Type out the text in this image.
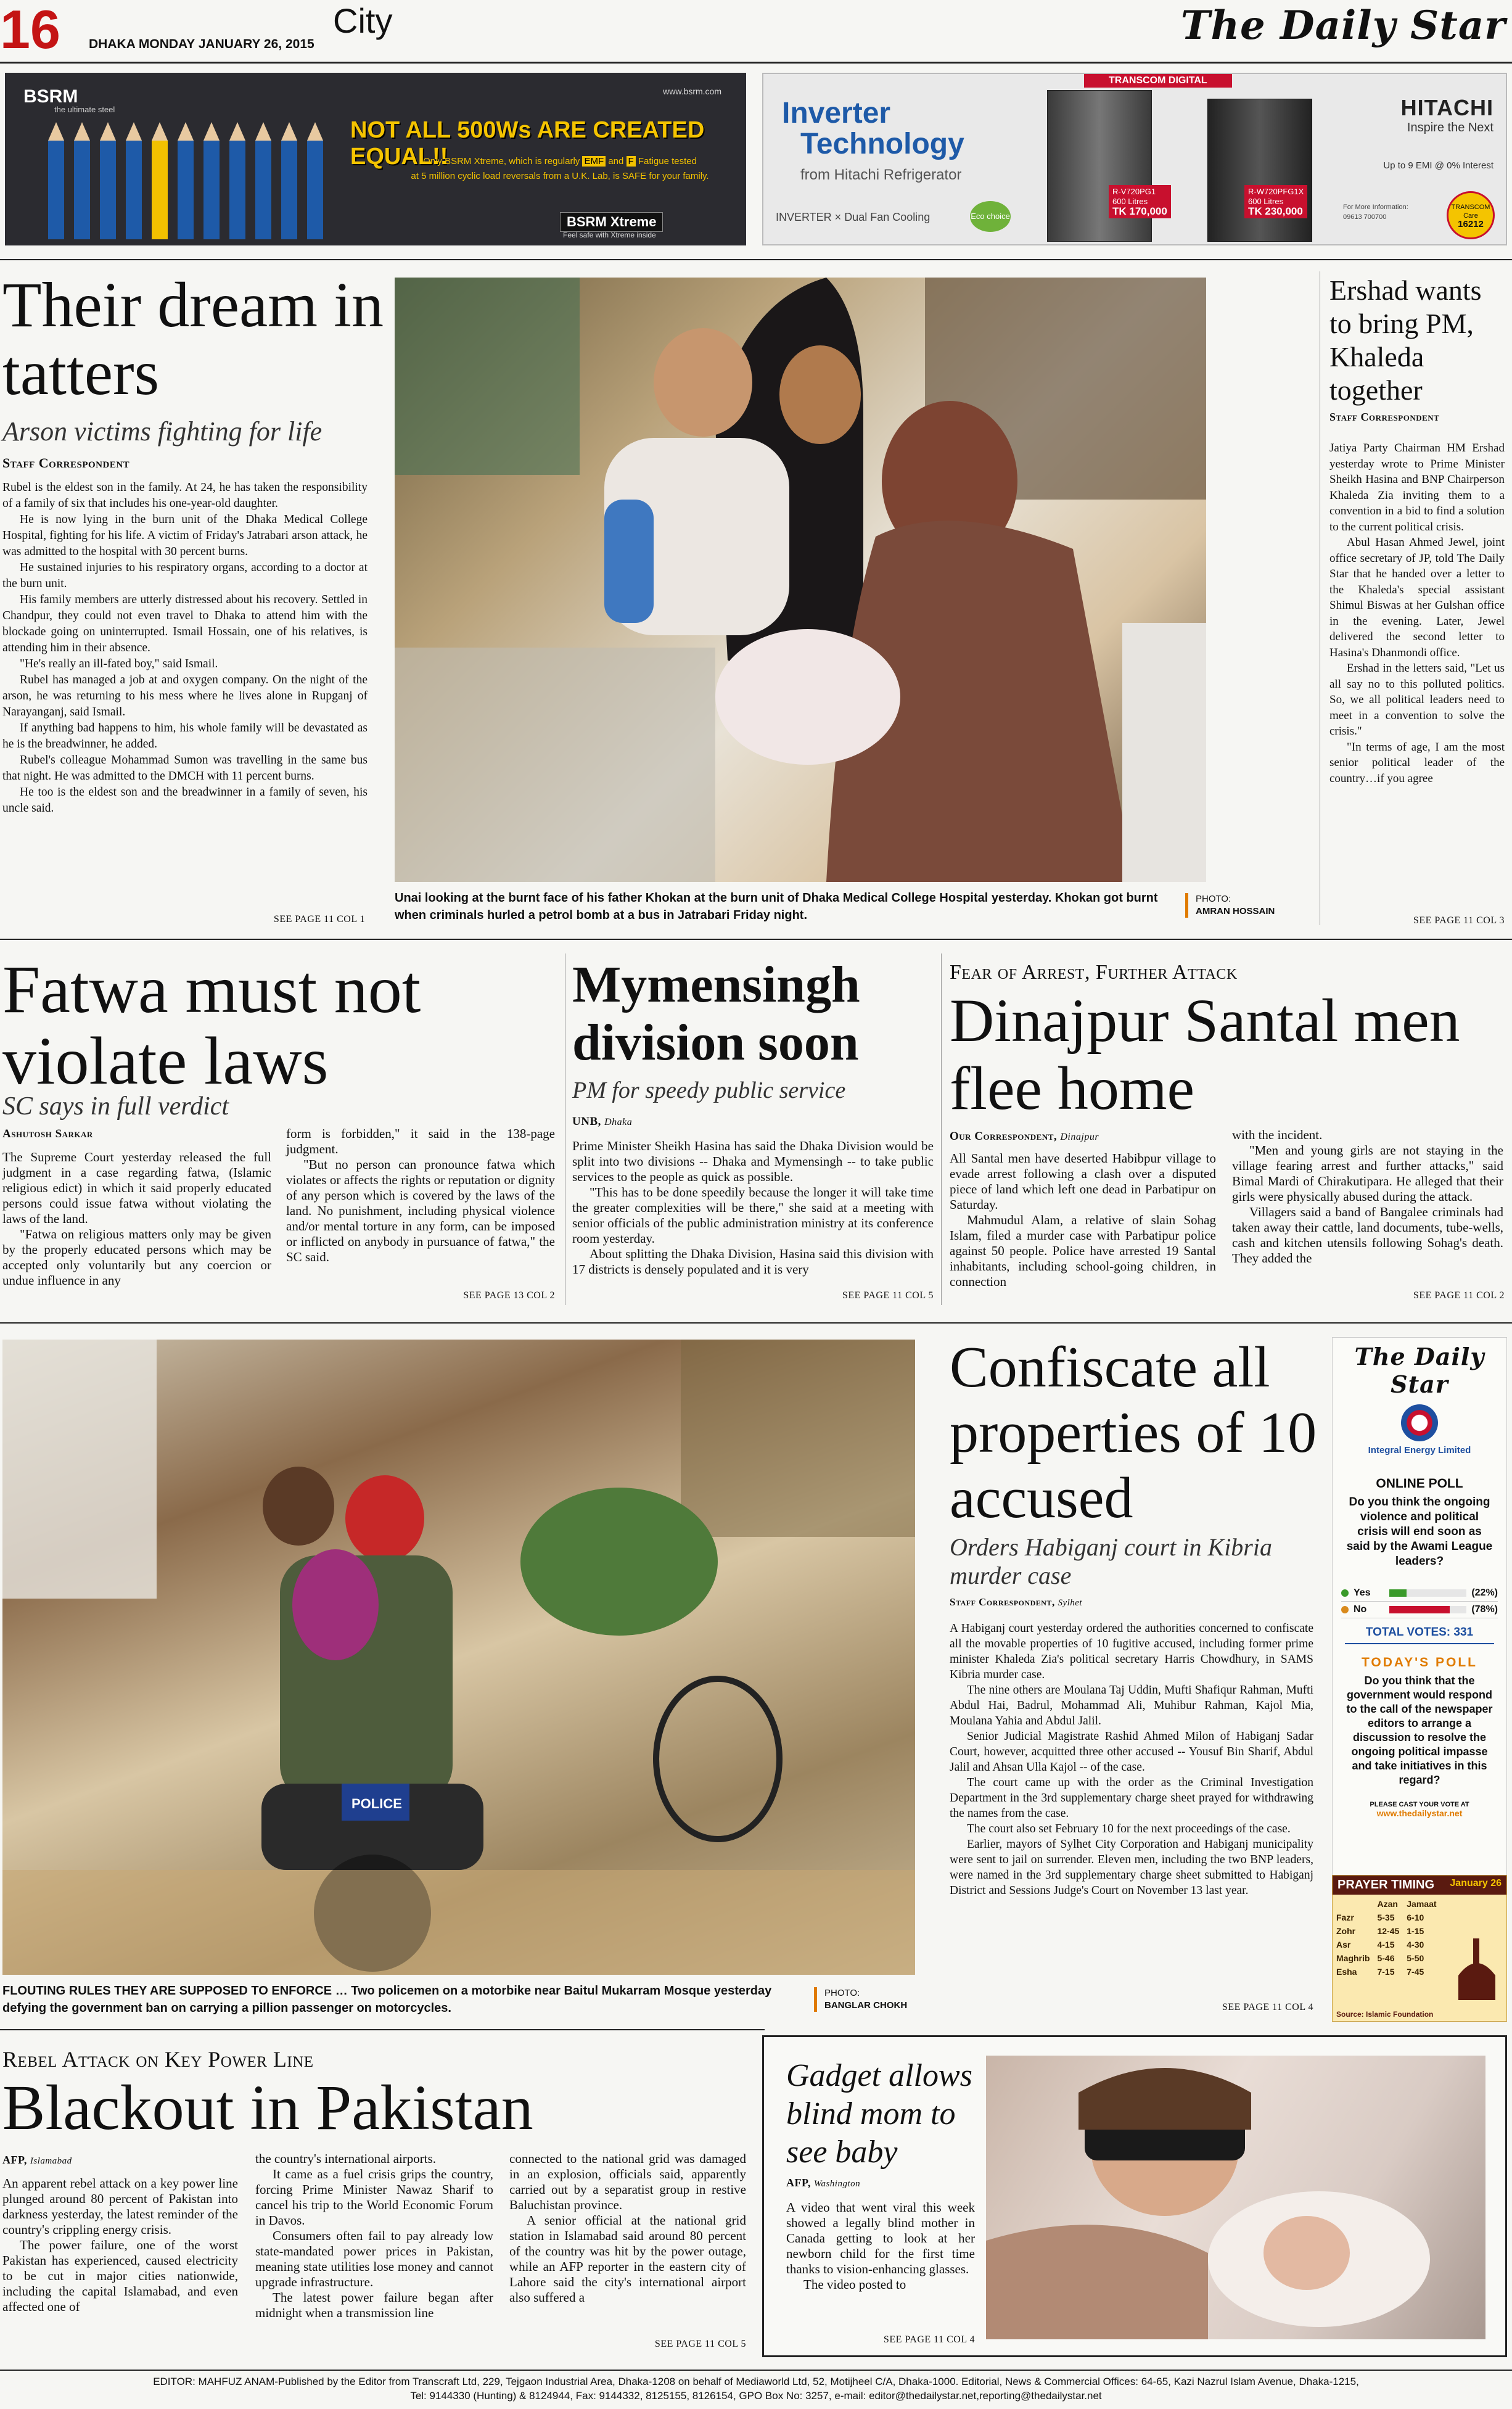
16 DHAKA MONDAY JANUARY 26, 2015
City	The Daily Star
BSRM
the ultimate steel
www.bsrm.com
NOT ALL 500Ws ARE CREATED EQUAL!!
Only BSRM Xtreme, which is regularly EMF and F Fatigue tested
at 5 million cyclic load reversals from a U.K. Lab, is SAFE for your family.
BSRM Xtreme
Feel safe with Xtreme inside
TRANSCOM DIGITAL
Inverter
Technology
from Hitachi Refrigerator
INVERTER × Dual Fan Cooling	Eco choice
R-V720PG1
600 Litres
TK 170,000
R-W720PFG1X
600 Litres
TK 230,000
HITACHI
Inspire the Next
Up to 9 EMI @ 0% Interest
For More Information:
09613 700700
TRANSCOM Care
16212
Their dream in tatters
Arson victims fighting for life
Staff Correspondent

Rubel is the eldest son in the family. At 24, he has taken the responsibility of a family of six that includes his one-year-old daughter.

He is now lying in the burn unit of the Dhaka Medical College Hospital, fighting for his life. A victim of Friday's Jatrabari arson attack, he was admitted to the hospital with 30 percent burns.

He sustained injuries to his respiratory organs, according to a doctor at the burn unit.

His family members are utterly distressed about his recovery. Settled in Chandpur, they could not even travel to Dhaka to attend him with the blockade going on uninterrupted. Ismail Hossain, one of his relatives, is attending him in their absence.

"He's really an ill-fated boy," said Ismail.

Rubel has managed a job at and oxygen company. On the night of the arson, he was returning to his mess where he lives alone in Rupganj of Narayanganj, said Ismail.

If anything bad happens to him, his whole family will be devastated as he is the breadwinner, he added.

Rubel's colleague Mohammad Sumon was travelling in the same bus that night. He was admitted to the DMCH with 11 percent burns.

He too is the eldest son and the breadwinner in a family of seven, his uncle said.

SEE PAGE 11 COL 1
Unai looking at the burnt face of his father Khokan at the burn unit of Dhaka Medical College Hospital yesterday. Khokan got burnt when criminals hurled a petrol bomb at a bus in Jatrabari Friday night.
PHOTO:
AMRAN HOSSAIN
Ershad wants to bring PM, Khaleda together
Staff Correspondent

Jatiya Party Chairman HM Ershad yesterday wrote to Prime Minister Sheikh Hasina and BNP Chairperson Khaleda Zia inviting them to a convention in a bid to find a solution to the current political crisis.

Abul Hasan Ahmed Jewel, joint office secretary of JP, told The Daily Star that he handed over a letter to the Khaleda's special assistant Shimul Biswas at her Gulshan office in the evening. Later, Jewel delivered the second letter to Hasina's Dhanmondi office.

Ershad in the letters said, "Let us all say no to this polluted politics. So, we all political leaders need to meet in a convention to solve the crisis."

"In terms of age, I am the most senior political leader of the country…if you agree

SEE PAGE 11 COL 3
Fatwa must not violate laws
SC says in full verdict
Ashutosh Sarkar

The Supreme Court yesterday released the full judgment in a case regarding fatwa, (Islamic religious edict) in which it said properly educated persons could issue fatwa without violating the laws of the land.

"Fatwa on religious matters only may be given by the properly educated persons which may be accepted only voluntarily but any coercion or undue influence in any

form is forbidden," it said in the 138-page judgment.

"But no person can pronounce fatwa which violates or affects the rights or reputation or dignity of any person which is covered by the laws of the land. No punishment, including physical violence and/or mental torture in any form, can be imposed or inflicted on anybody in pursuance of fatwa," the SC said.

SEE PAGE 13 COL 2
Mymensingh division soon
PM for speedy public service
UNB, Dhaka

Prime Minister Sheikh Hasina has said the Dhaka Division would be split into two divisions -- Dhaka and Mymensingh -- to take public services to the people as quick as possible.

"This has to be done speedily because the longer it will take time the greater complexities will be there," she said at a meeting with senior officials of the public administration ministry at its conference room yesterday.

About splitting the Dhaka Division, Hasina said this division with 17 districts is densely populated and it is very

SEE PAGE 11 COL 5
Fear of Arrest, Further Attack
Dinajpur Santal men flee home
Our Correspondent, Dinajpur

All Santal men have deserted Habibpur village to evade arrest following a clash over a disputed piece of land which left one dead in Parbatipur on Saturday.

Mahmudul Alam, a relative of slain Sohag Islam, filed a murder case with Parbatipur police against 50 people. Police have arrested 19 Santal inhabitants, including school-going children, in connection

with the incident.

"Men and young girls are not staying in the village fearing arrest and further attacks," said Bimal Mardi of Chirakutipara. He alleged that their girls were physically abused during the attack.

Villagers said a band of Bangalee criminals had taken away their cattle, land documents, tube-wells, cash and kitchen utensils following Sohag's death. They added the

SEE PAGE 11 COL 2
POLICE
FLOUTING RULES THEY ARE SUPPOSED TO ENFORCE … Two policemen on a motorbike near Baitul Mukarram Mosque yesterday defying the government ban on carrying a pillion passenger on motorcycles.
PHOTO:
BANGLAR CHOKH
Confiscate all properties of 10 accused
Orders Habiganj court in Kibria murder case
Staff Correspondent, Sylhet

A Habiganj court yesterday ordered the authorities concerned to confiscate all the movable properties of 10 fugitive accused, including former prime minister Khaleda Zia's political secretary Harris Chowdhury, in SAMS Kibria murder case.

The nine others are Moulana Taj Uddin, Mufti Shafiqur Rahman, Mufti Abdul Hai, Badrul, Mohammad Ali, Muhibur Rahman, Kajol Mia, Moulana Yahia and Abdul Jalil.

Senior Judicial Magistrate Rashid Ahmed Milon of Habiganj Sadar Court, however, acquitted three other accused -- Yousuf Bin Sharif, Abdul Jalil and Ahsan Ulla Kajol -- of the case.

The court came up with the order as the Criminal Investigation Department in the 3rd supplementary charge sheet prayed for withdrawing the names from the case.

The court also set February 10 for the next proceedings of the case.

Earlier, mayors of Sylhet City Corporation and Habiganj municipality were sent to jail on surrender. Eleven men, including the two BNP leaders, were named in the 3rd supplementary charge sheet submitted to Habiganj District and Sessions Judge's Court on November 13 last year.

SEE PAGE 11 COL 4
The Daily Star
Integral Energy Limited
ONLINE POLL
Do you think the ongoing violence and political crisis will end soon as said by the Awami League leaders?
Yes	(22%)
No	(78%)
TOTAL VOTES: 331
TODAY'S POLL
Do you think that the government would respond to the call of the newspaper editors to arrange a discussion to resolve the ongoing political impasse and take initiatives in this regard?
PLEASE CAST YOUR VOTE AT
www.thedailystar.net
PRAYER TIMING January 26
	Azan	Jamaat
Fazr	5-35	6-10
Zohr	12-45	1-15
Asr	4-15	4-30
Maghrib	5-46	5-50
Esha	7-15	7-45
Source: Islamic Foundation
Rebel Attack on Key Power Line
Blackout in Pakistan
AFP, Islamabad

An apparent rebel attack on a key power line plunged around 80 percent of Pakistan into darkness yesterday, the latest reminder of the country's crippling energy crisis.

The power failure, one of the worst Pakistan has experienced, caused electricity to be cut in major cities nationwide, including the capital Islamabad, and even affected one of

the country's international airports.

It came as a fuel crisis grips the country, forcing Prime Minister Nawaz Sharif to cancel his trip to the World Economic Forum in Davos.

Consumers often fail to pay already low state-mandated power prices in Pakistan, meaning state utilities lose money and cannot upgrade infrastructure.

The latest power failure began after midnight when a transmission line

connected to the national grid was damaged in an explosion, officials said, apparently carried out by a separatist group in restive Baluchistan province.

A senior official at the national grid station in Islamabad said around 80 percent of the country was hit by the power outage, while an AFP reporter in the eastern city of Lahore said the city's international airport also suffered a

SEE PAGE 11 COL 5
Gadget allows blind mom to see baby
AFP, Washington

A video that went viral this week showed a legally blind mother in Canada getting to look at her newborn child for the first time thanks to vision-enhancing glasses.

The video posted to

SEE PAGE 11 COL 4
EDITOR: MAHFUZ ANAM-Published by the Editor from Transcraft Ltd, 229, Tejgaon Industrial Area, Dhaka-1208 on behalf of Mediaworld Ltd, 52, Motijheel C/A, Dhaka-1000. Editorial, News & Commercial Offices: 64-65, Kazi Nazrul Islam Avenue, Dhaka-1215,
Tel: 9144330 (Hunting) & 8124944, Fax: 9144332, 8125155, 8126154, GPO Box No: 3257, e-mail: editor@thedailystar.net,reporting@thedailystar.net
